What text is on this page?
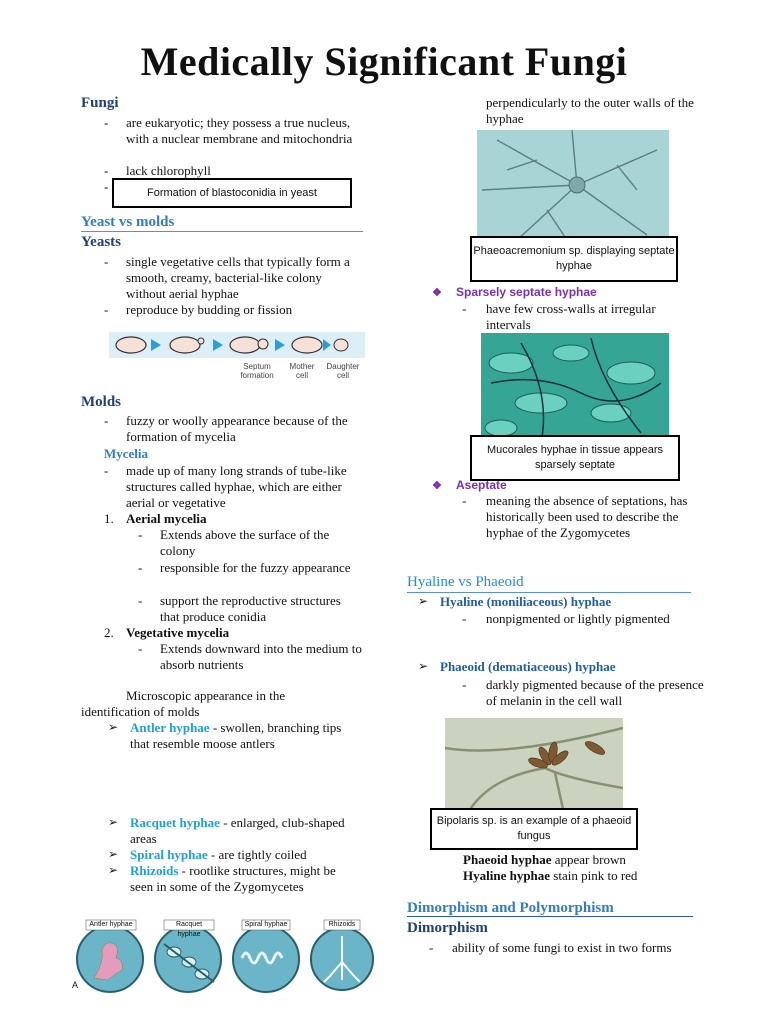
Medically Significant Fungi
Fungi
- are eukaryotic; they possess a true nucleus, with a nuclear membrane and mitochondria
- lack chlorophyll
-	Formation of blastoconidia in yeast
Yeast vs molds
Yeasts
- single vegetative cells that typically form a smooth, creamy, bacterial-like colony without aerial hyphae
- reproduce by budding or fission
Septum formation
Mother cell
Daughter cell
Molds
- fuzzy or woolly appearance because of the formation of mycelia
Mycelia
- made up of many long strands of tube-like structures called hyphae, which are either aerial or vegetative
1. Aerial mycelia
- Extends above the surface of the colony
- responsible for the fuzzy appearance
- support the reproductive structures that produce conidia
2. Vegetative mycelia
- Extends downward into the medium to absorb nutrients
Microscopic appearance in the identification of molds
➢ Antler hyphae - swollen, branching tips that resemble moose antlers
➢ Racquet hyphae - enlarged, club-shaped areas
➢ Spiral hyphae - are tightly coiled
➢ Rhizoids - rootlike structures, might be seen in some of the Zygomycetes
Antler hyphae	Racquet hyphae
Spiral hyphae	Rhizoids
A
perpendicularly to the outer walls of the hyphae
Phaeoacremonium sp. displaying septate hyphae
❖ Sparsely septate hyphae
- have few cross-walls at irregular intervals
Mucorales hyphae in tissue appears sparsely septate
❖ Aseptate
- meaning the absence of septations, has historically been used to describe the hyphae of the Zygomycetes
Hyaline vs Phaeoid
➢ Hyaline (moniliaceous) hyphae
- nonpigmented or lightly pigmented
➢ Phaeoid (dematiaceous) hyphae
- darkly pigmented because of the presence of melanin in the cell wall
Bipolaris sp. is an example of a phaeoid fungus
Phaeoid hyphae appear brown
Hyaline hyphae stain pink to red
Dimorphism and Polymorphism
Dimorphism
- ability of some fungi to exist in two forms
